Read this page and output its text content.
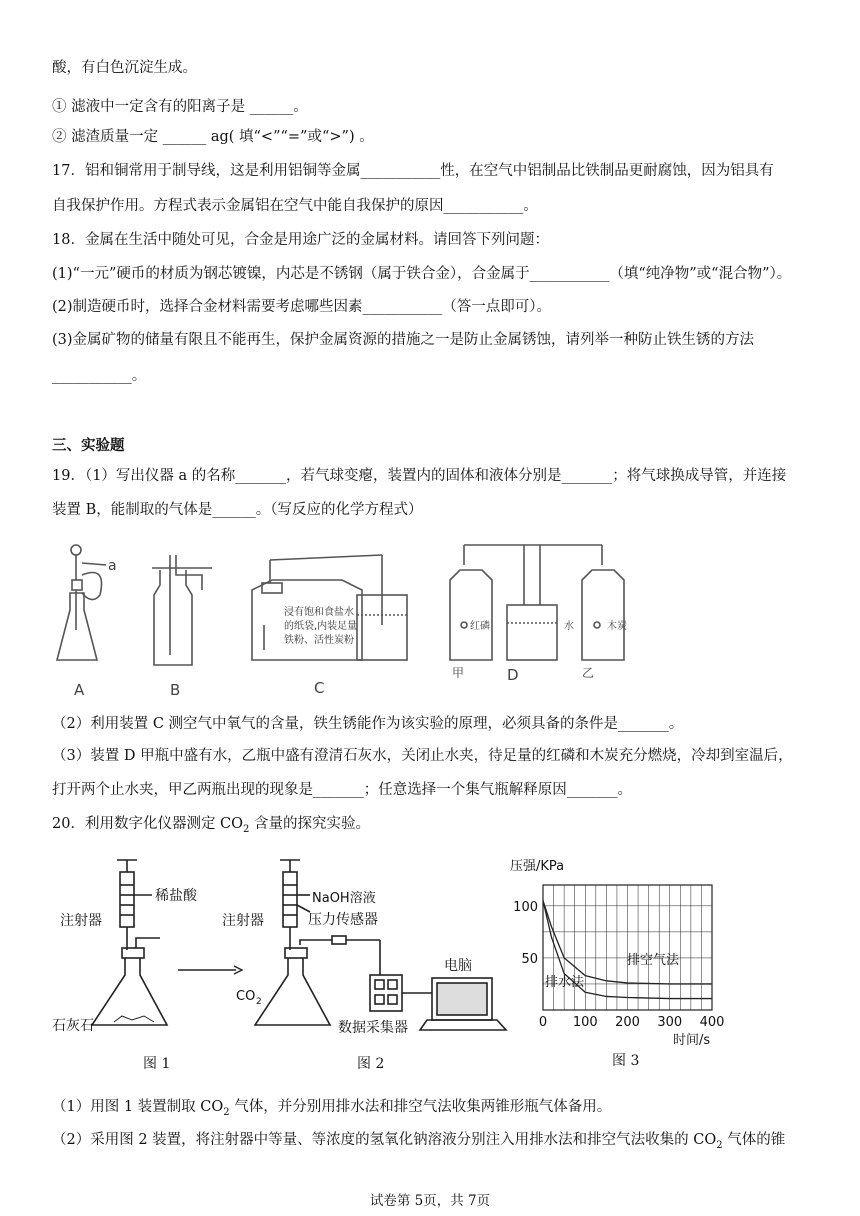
酸，有白色沉淀生成。
① 滤液中一定含有的阳离子是 ______。
② 滤渣质量一定 ______ ag( 填“<”“=”或“>”) 。
17．铝和铜常用于制导线，这是利用铝铜等金属___________性，在空气中铝制品比铁制品更耐腐蚀，因为铝具有
自我保护作用。方程式表示金属铝在空气中能自我保护的原因___________。
18．金属在生活中随处可见，合金是用途广泛的金属材料。请回答下列问题：
(1)“一元”硬币的材质为钢芯镀镍，内芯是不锈钢（属于铁合金），合金属于___________（填“纯净物”或“混合物”）。
(2)制造硬币时，选择合金材料需要考虑哪些因素___________（答一点即可）。
(3)金属矿物的储量有限且不能再生，保护金属资源的措施之一是防止金属锈蚀，请列举一种防止铁生锈的方法
___________。
三、实验题
19．（1）写出仪器 a 的名称_______，若气球变瘪，装置内的固体和液体分别是_______；将气球换成导管，并连接
装置 B，能制取的气体是______。（写反应的化学方程式）
a
浸有饱和食盐水
的纸袋,内装足量
铁粉、活性炭粉
红磷	水	木炭
甲	乙
A	B	C
D
（2）利用装置 C 测空气中氧气的含量，铁生锈能作为该实验的原理，必须具备的条件是_______。
（3）装置 D 甲瓶中盛有水，乙瓶中盛有澄清石灰水，关闭止水夹，待足量的红磷和木炭充分燃烧，冷却到室温后，
打开两个止水夹，甲乙两瓶出现的现象是_______；任意选择一个集气瓶解释原因_______。
20．利用数字化仪器测定 $CO_2$ 含量的探究实验。
稀盐酸
注射器
石灰石
图 1
NaOH溶液
压力传感器
注射器
CO 2
数据采集器
电脑
图 2
0 100 200 300 400
50
100
压强/KPa
时间/s
排空气法
排水法
图 3
（1）用图 1 装置制取 $CO_2$ 气体，并分别用排水法和排空气法收集两锥形瓶气体备用。
（2）采用图 2 装置，将注射器中等量、等浓度的氢氧化钠溶液分别注入用排水法和排空气法收集的 $CO_2$ 气体的锥
试卷第 5页，共 7页
